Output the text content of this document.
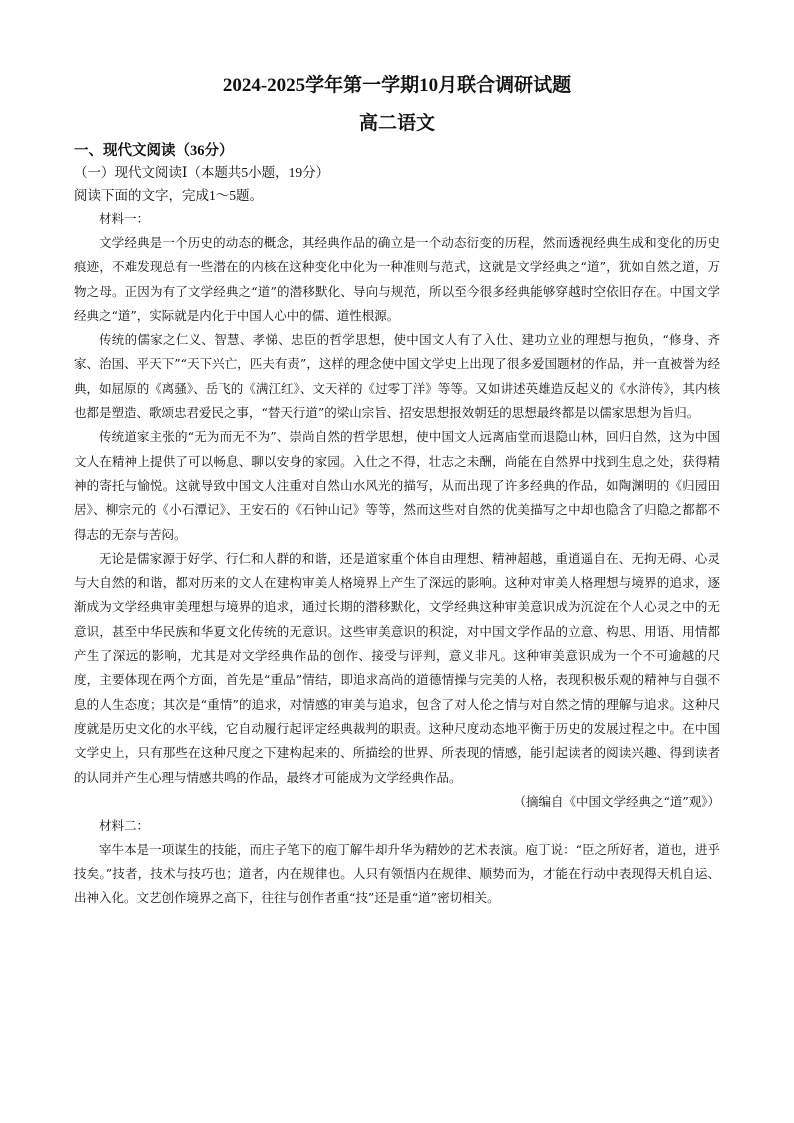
2024-2025学年第一学期10月联合调研试题
高二语文
一、现代文阅读（36分）
（一）现代文阅读Ⅰ（本题共5小题，19分）
阅读下面的文字，完成1～5题。
材料一：

文学经典是一个历史的动态的概念，其经典作品的确立是一个动态衍变的历程，然而透视经典生成和变化的历史痕迹，不难发现总有一些潜在的内核在这种变化中化为一种准则与范式，这就是文学经典之“道”，犹如自然之道，万物之母。正因为有了文学经典之“道”的潜移默化、导向与规范，所以至今很多经典能够穿越时空依旧存在。中国文学经典之“道”，实际就是内化于中国人心中的儒、道性根源。

传统的儒家之仁义、智慧、孝悌、忠臣的哲学思想，使中国文人有了入仕、建功立业的理想与抱负，“修身、齐家、治国、平天下”“天下兴亡，匹夫有责”，这样的理念使中国文学史上出现了很多爱国题材的作品，并一直被誉为经典，如屈原的《离骚》、岳飞的《满江红》、文天祥的《过零丁洋》等等。又如讲述英雄造反起义的《水浒传》，其内核也都是塑造、歌颂忠君爱民之事，“替天行道”的梁山宗旨、招安思想报效朝廷的思想最终都是以儒家思想为旨归。

传统道家主张的“无为而无不为”、崇尚自然的哲学思想，使中国文人远离庙堂而退隐山林，回归自然，这为中国文人在精神上提供了可以畅息、聊以安身的家园。入仕之不得，壮志之未酬，尚能在自然界中找到生息之处，获得精神的寄托与愉悦。这就导致中国文人注重对自然山水风光的描写，从而出现了许多经典的作品，如陶渊明的《归园田居》、柳宗元的《小石潭记》、王安石的《石钟山记》等等，然而这些对自然的优美描写之中却也隐含了归隐之都都不得志的无奈与苦闷。

无论是儒家源于好学、行仁和人群的和谐，还是道家重个体自由理想、精神超越，重逍遥自在、无拘无碍、心灵与大自然的和谐，都对历来的文人在建构审美人格境界上产生了深远的影响。这种对审美人格理想与境界的追求，逐渐成为文学经典审美理想与境界的追求，通过长期的潜移默化，文学经典这种审美意识成为沉淀在个人心灵之中的无意识，甚至中华民族和华夏文化传统的无意识。这些审美意识的积淀，对中国文学作品的立意、构思、用语、用情都产生了深远的影响，尤其是对文学经典作品的创作、接受与评判，意义非凡。这种审美意识成为一个不可逾越的尺度，主要体现在两个方面，首先是“重品”情结，即追求高尚的道德情操与完美的人格，表现积极乐观的精神与自强不息的人生态度；其次是“重情”的追求，对情感的审美与追求，包含了对人伦之情与对自然之情的理解与追求。这种尺度就是历史文化的水平线，它自动履行起评定经典裁判的职责。这种尺度动态地平衡于历史的发展过程之中。在中国文学史上，只有那些在这种尺度之下建构起来的、所描绘的世界、所表现的情感，能引起读者的阅读兴趣、得到读者的认同并产生心理与情感共鸣的作品，最终才可能成为文学经典作品。

（摘编自《中国文学经典之“道”观》）
材料二：

宰牛本是一项谋生的技能，而庄子笔下的庖丁解牛却升华为精妙的艺术表演。庖丁说：“臣之所好者，道也，进乎技矣。”技者，技术与技巧也；道者，内在规律也。人只有领悟内在规律、顺势而为，才能在行动中表现得天机自运、出神入化。文艺创作境界之高下，往往与创作者重“技”还是重“道”密切相关。
